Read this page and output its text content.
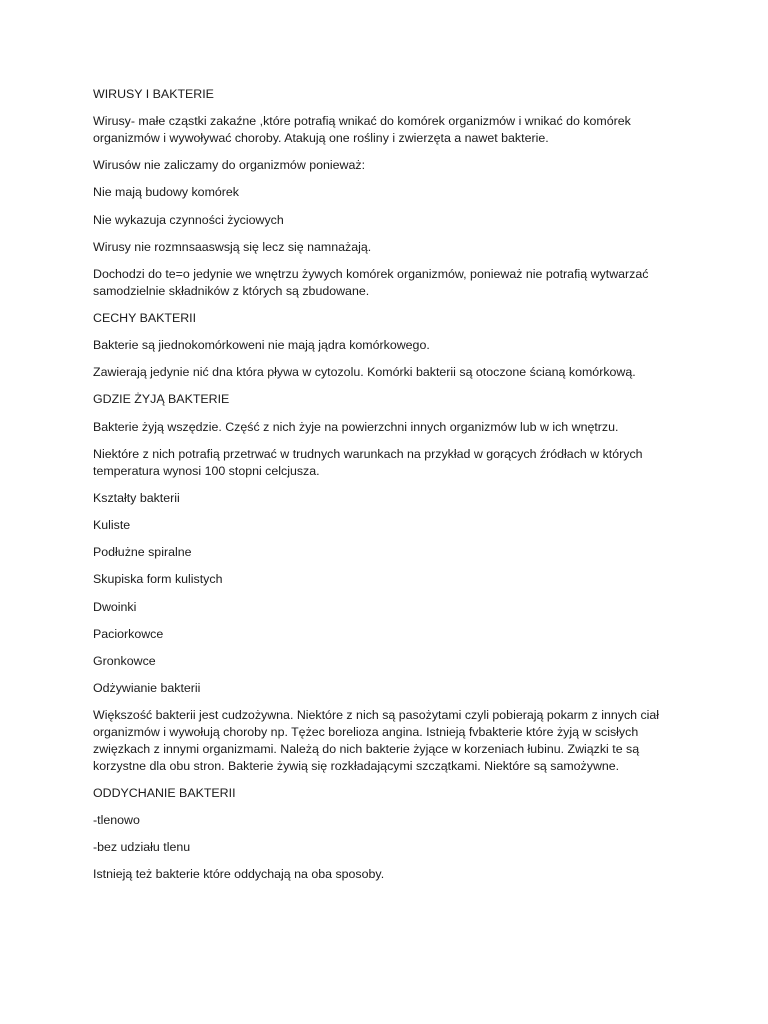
WIRUSY I BAKTERIE

Wirusy- małe cząstki zakaźne ,które potrafią wnikać do komórek organizmów i wnikać do komórek organizmów i wywoływać choroby. Atakują one rośliny i zwierzęta a nawet bakterie.

Wirusów nie zaliczamy do organizmów ponieważ:

Nie mają budowy komórek

Nie wykazuja czynności życiowych

Wirusy nie rozmnsaaswsją się lecz się namnażają.

Dochodzi do te=o jedynie we wnętrzu żywych komórek organizmów, ponieważ nie potrafią wytwarzać samodzielnie składników z których są zbudowane.

CECHY BAKTERII

Bakterie są jiednokomórkoweni nie mają jądra komórkowego.

Zawierają jedynie nić dna która pływa w cytozolu. Komórki bakterii są otoczone ścianą komórkową.

GDZIE ŻYJĄ BAKTERIE

Bakterie żyją wszędzie. Część z nich żyje na powierzchni innych organizmów lub w ich wnętrzu.

Niektóre z nich potrafią przetrwać w trudnych warunkach na przykład w gorących źródłach w których temperatura wynosi 100 stopni celcjusza.

Kształty bakterii

Kuliste

Podłużne spiralne

Skupiska form kulistych

Dwoinki

Paciorkowce

Gronkowce

Odżywianie bakterii

Większość bakterii jest cudzożywna. Niektóre z nich są pasożytami czyli pobierają pokarm z innych ciał organizmów i wywołują choroby np. Tężec borelioza angina. Istnieją fvbakterie które żyją w scisłych zwięzkach z innymi organizmami. Należą do nich bakterie żyjące w korzeniach łubinu. Związki te są korzystne dla obu stron. Bakterie żywią się rozkładającymi szczątkami. Niektóre są samożywne.

ODDYCHANIE BAKTERII

-tlenowo

-bez udziału tlenu

Istnieją też bakterie które oddychają na oba sposoby.
